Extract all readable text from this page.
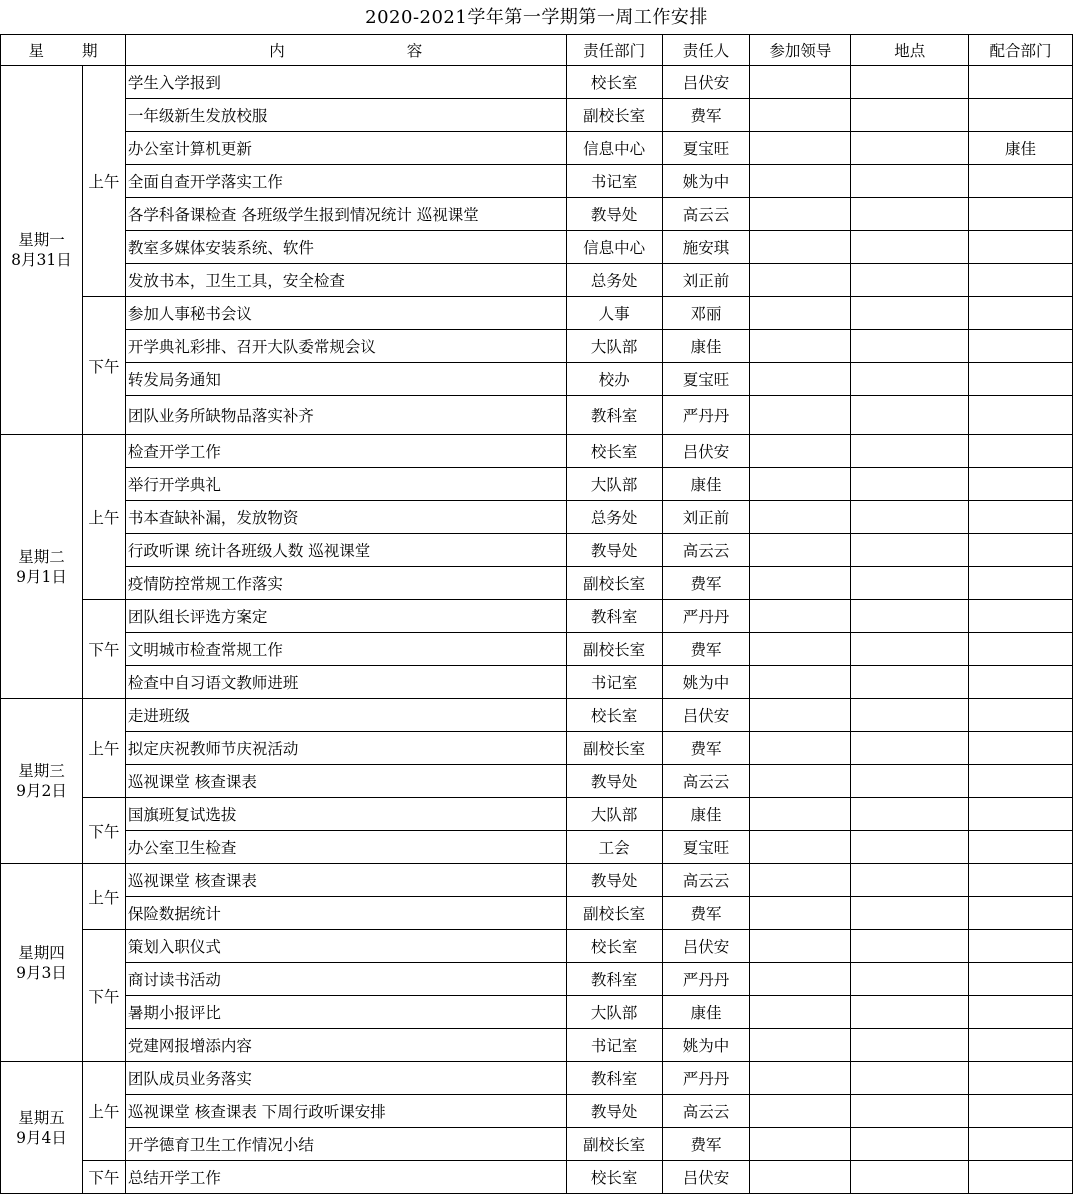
2020-2021学年第一学期第一周工作安排
星 期		内 容	责任部门	责任人	参加领导	地点	配合部门

星期一
8月31日	上午	学生入学报到	校长室	吕伏安			
		一年级新生发放校服	副校长室	费军			
		办公室计算机更新	信息中心	夏宝旺			康佳
		全面自查开学落实工作	书记室	姚为中			
		各学科备课检查 各班级学生报到情况统计 巡视课堂	教导处	高云云			
		教室多媒体安装系统、软件	信息中心	施安琪			
		发放书本，卫生工具，安全检查	总务处	刘正前			
	下午	参加人事秘书会议	人事	邓丽			
		开学典礼彩排、召开大队委常规会议	大队部	康佳			
		转发局务通知	校办	夏宝旺			
		团队业务所缺物品落实补齐	教科室	严丹丹			

星期二
9月1日	上午	检查开学工作	校长室	吕伏安			
		举行开学典礼	大队部	康佳			
		书本查缺补漏，发放物资	总务处	刘正前			
		行政听课 统计各班级人数 巡视课堂	教导处	高云云			
		疫情防控常规工作落实	副校长室	费军			
	下午	团队组长评选方案定	教科室	严丹丹			
		文明城市检查常规工作	副校长室	费军			
		检查中自习语文教师进班	书记室	姚为中			

星期三
9月2日	上午	走进班级	校长室	吕伏安			
		拟定庆祝教师节庆祝活动	副校长室	费军			
		巡视课堂 核查课表	教导处	高云云			
	下午	国旗班复试选拔	大队部	康佳			
		办公室卫生检查	工会	夏宝旺			

星期四
9月3日	上午	巡视课堂 核查课表	教导处	高云云			
		保险数据统计	副校长室	费军			
	下午	策划入职仪式	校长室	吕伏安			
		商讨读书活动	教科室	严丹丹			
		暑期小报评比	大队部	康佳			
		党建网报增添内容	书记室	姚为中			

星期五
9月4日	上午	团队成员业务落实	教科室	严丹丹			
		巡视课堂 核查课表 下周行政听课安排	教导处	高云云			
		开学德育卫生工作情况小结	副校长室	费军			
	下午	总结开学工作	校长室	吕伏安			
